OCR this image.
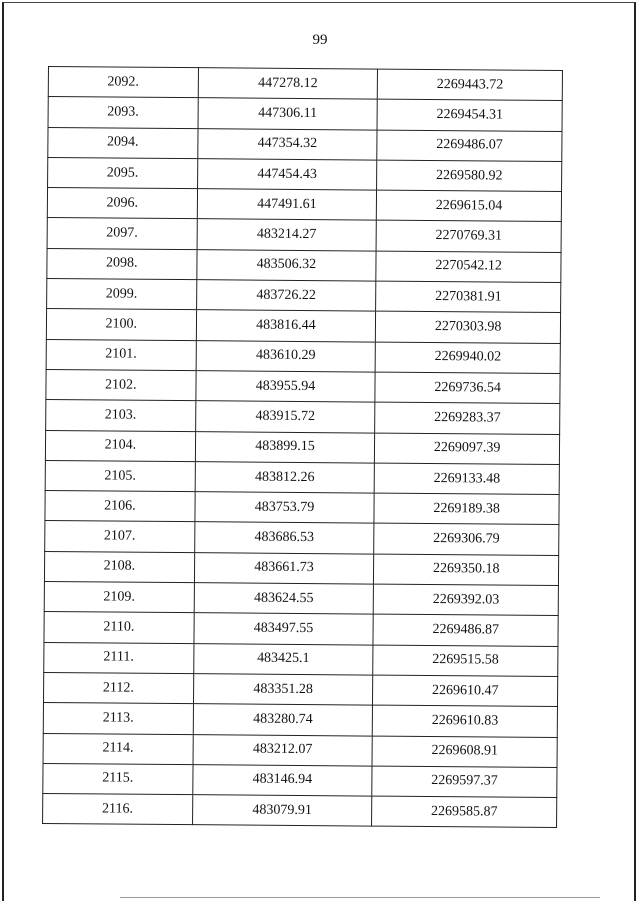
99
2092.	447278.12	2269443.72
2093.	447306.11	2269454.31
2094.	447354.32	2269486.07
2095.	447454.43	2269580.92
2096.	447491.61	2269615.04
2097.	483214.27	2270769.31
2098.	483506.32	2270542.12
2099.	483726.22	2270381.91
2100.	483816.44	2270303.98
2101.	483610.29	2269940.02
2102.	483955.94	2269736.54
2103.	483915.72	2269283.37
2104.	483899.15	2269097.39
2105.	483812.26	2269133.48
2106.	483753.79	2269189.38
2107.	483686.53	2269306.79
2108.	483661.73	2269350.18
2109.	483624.55	2269392.03
2110.	483497.55	2269486.87
2111.	483425.1	2269515.58
2112.	483351.28	2269610.47
2113.	483280.74	2269610.83
2114.	483212.07	2269608.91
2115.	483146.94	2269597.37
2116.	483079.91	2269585.87
